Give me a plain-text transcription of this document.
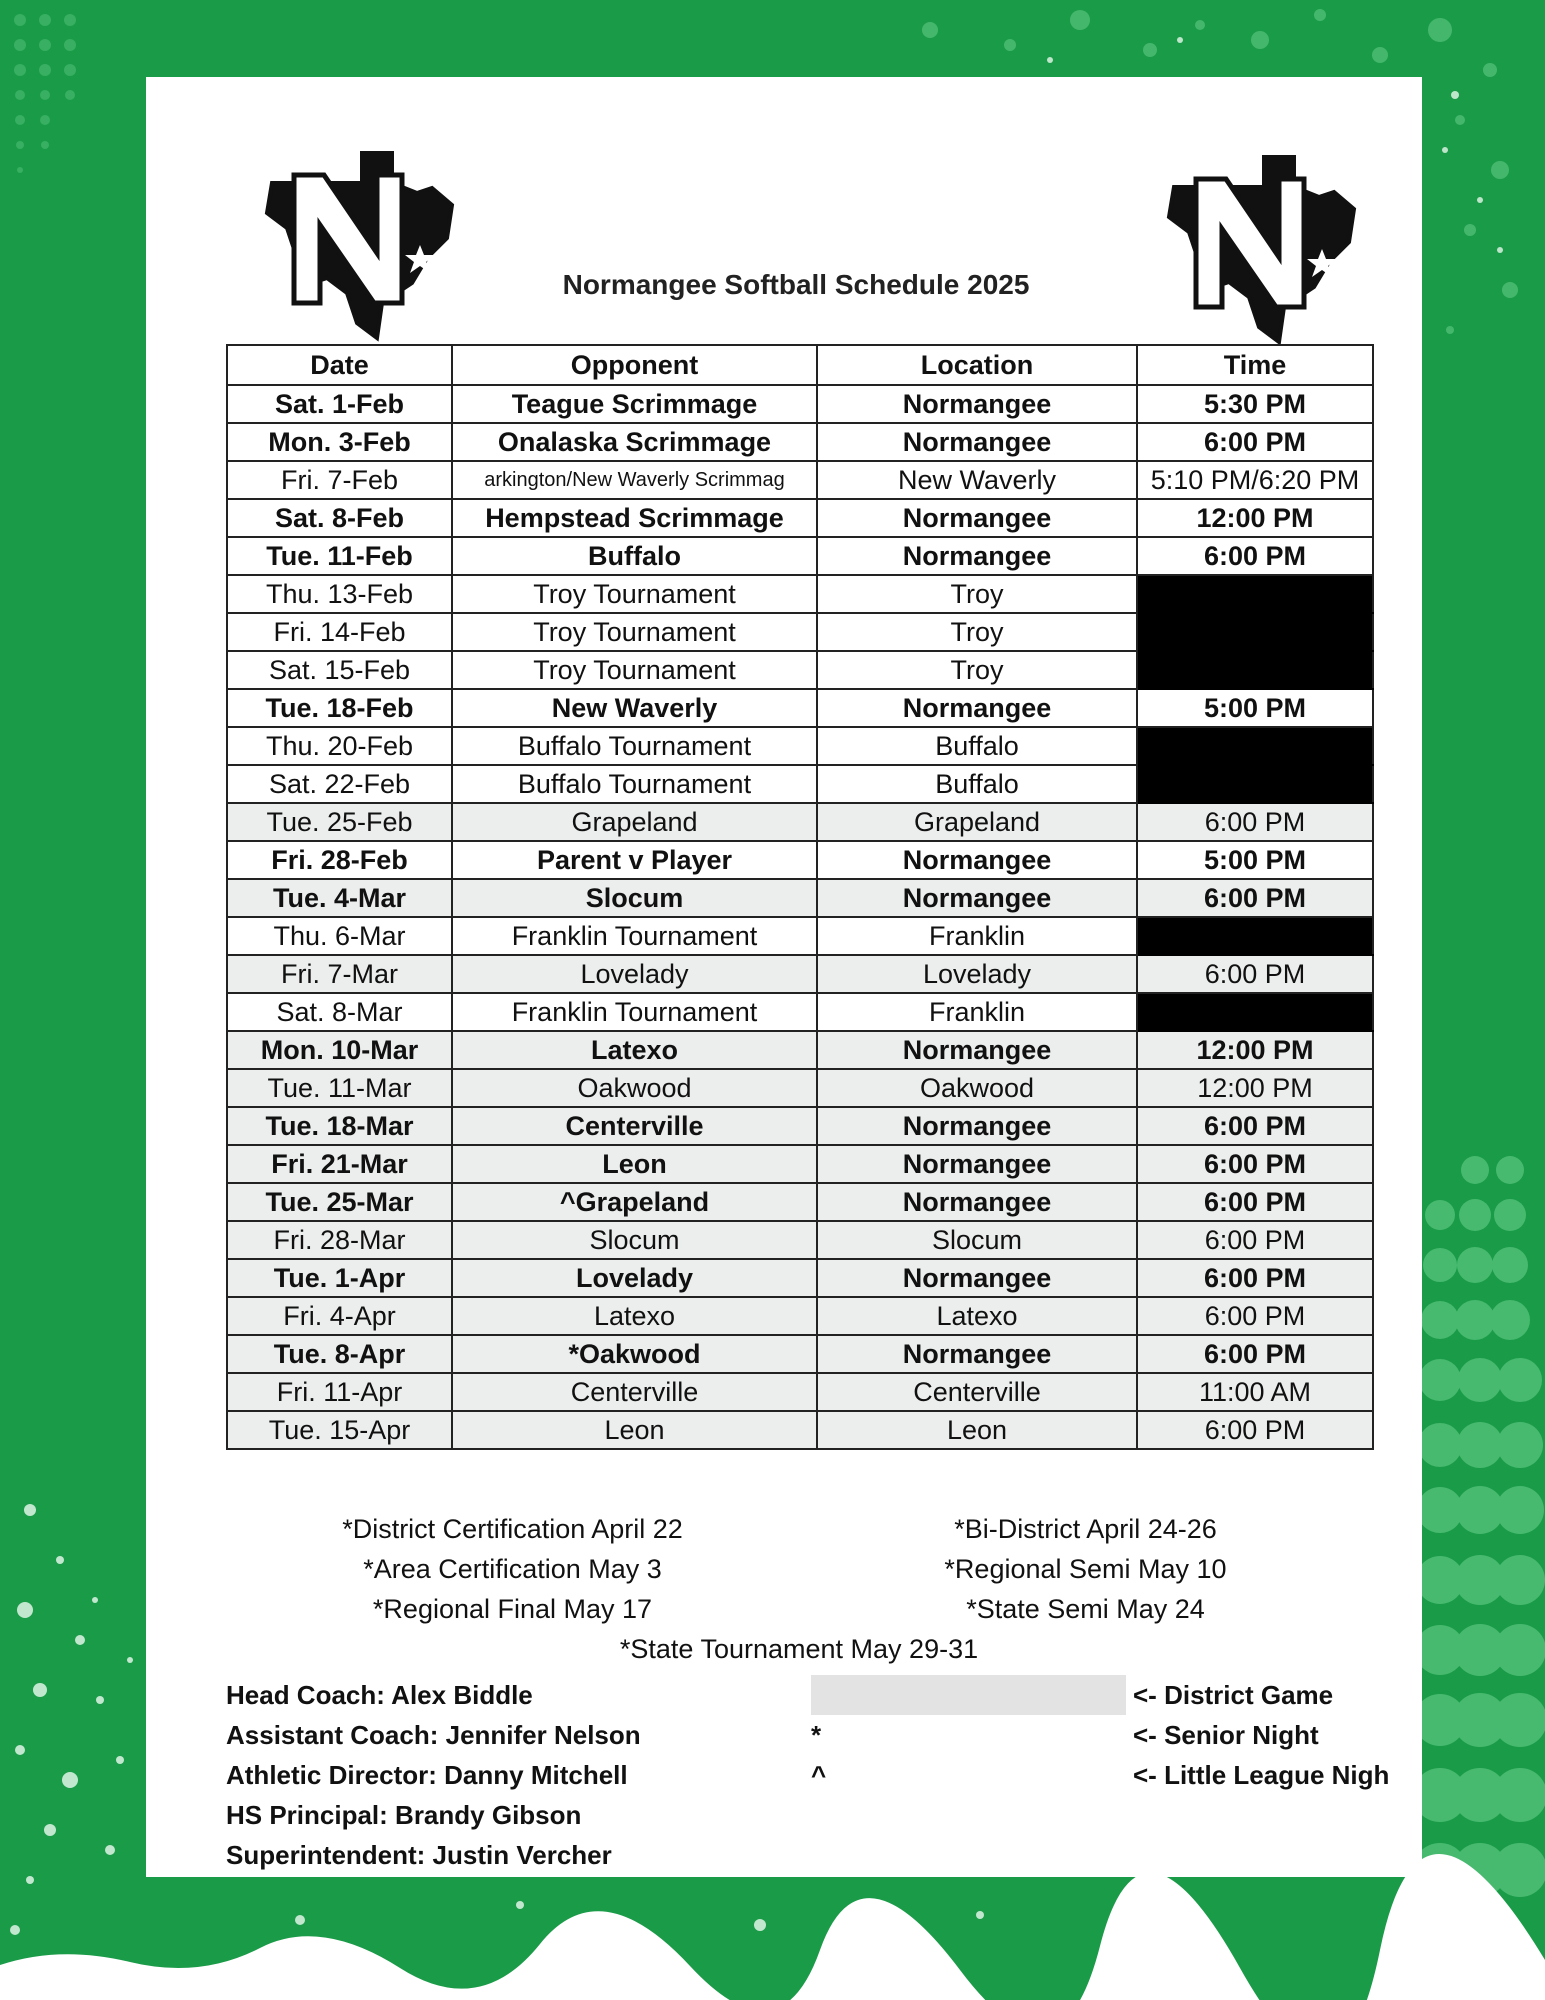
Normangee Softball Schedule 2025
Date	Opponent	Location	Time
Sat. 1-Feb	Teague Scrimmage	Normangee	5:30 PM
Mon. 3-Feb	Onalaska Scrimmage	Normangee	6:00 PM
Fri. 7-Feb	arkington/New Waverly Scrimmag	New Waverly	5:10 PM/6:20 PM
Sat. 8-Feb	Hempstead Scrimmage	Normangee	12:00 PM
Tue. 11-Feb	Buffalo	Normangee	6:00 PM
Thu. 13-Feb	Troy Tournament	Troy	
Fri. 14-Feb	Troy Tournament	Troy	
Sat. 15-Feb	Troy Tournament	Troy	
Tue. 18-Feb	New Waverly	Normangee	5:00 PM
Thu. 20-Feb	Buffalo Tournament	Buffalo	
Sat. 22-Feb	Buffalo Tournament	Buffalo	
Tue. 25-Feb	Grapeland	Grapeland	6:00 PM
Fri. 28-Feb	Parent v Player	Normangee	5:00 PM
Tue. 4-Mar	Slocum	Normangee	6:00 PM
Thu. 6-Mar	Franklin Tournament	Franklin	
Fri. 7-Mar	Lovelady	Lovelady	6:00 PM
Sat. 8-Mar	Franklin Tournament	Franklin	
Mon. 10-Mar	Latexo	Normangee	12:00 PM
Tue. 11-Mar	Oakwood	Oakwood	12:00 PM
Tue. 18-Mar	Centerville	Normangee	6:00 PM
Fri. 21-Mar	Leon	Normangee	6:00 PM
Tue. 25-Mar	^Grapeland	Normangee	6:00 PM
Fri. 28-Mar	Slocum	Slocum	6:00 PM
Tue. 1-Apr	Lovelady	Normangee	6:00 PM
Fri. 4-Apr	Latexo	Latexo	6:00 PM
Tue. 8-Apr	*Oakwood	Normangee	6:00 PM
Fri. 11-Apr	Centerville	Centerville	11:00 AM
Tue. 15-Apr	Leon	Leon	6:00 PM
*District Certification April 22	*Bi-District April 24-26
*Area Certification May 3	*Regional Semi May 10
*Regional Final May 17	*State Semi May 24
*State Tournament May 29-31
Head Coach: Alex Biddle
Assistant Coach: Jennifer Nelson
Athletic Director: Danny Mitchell
HS Principal: Brandy Gibson
Superintendent: Justin Vercher
<- District Game
*	<- Senior Night
^	<- Little League Nigh
